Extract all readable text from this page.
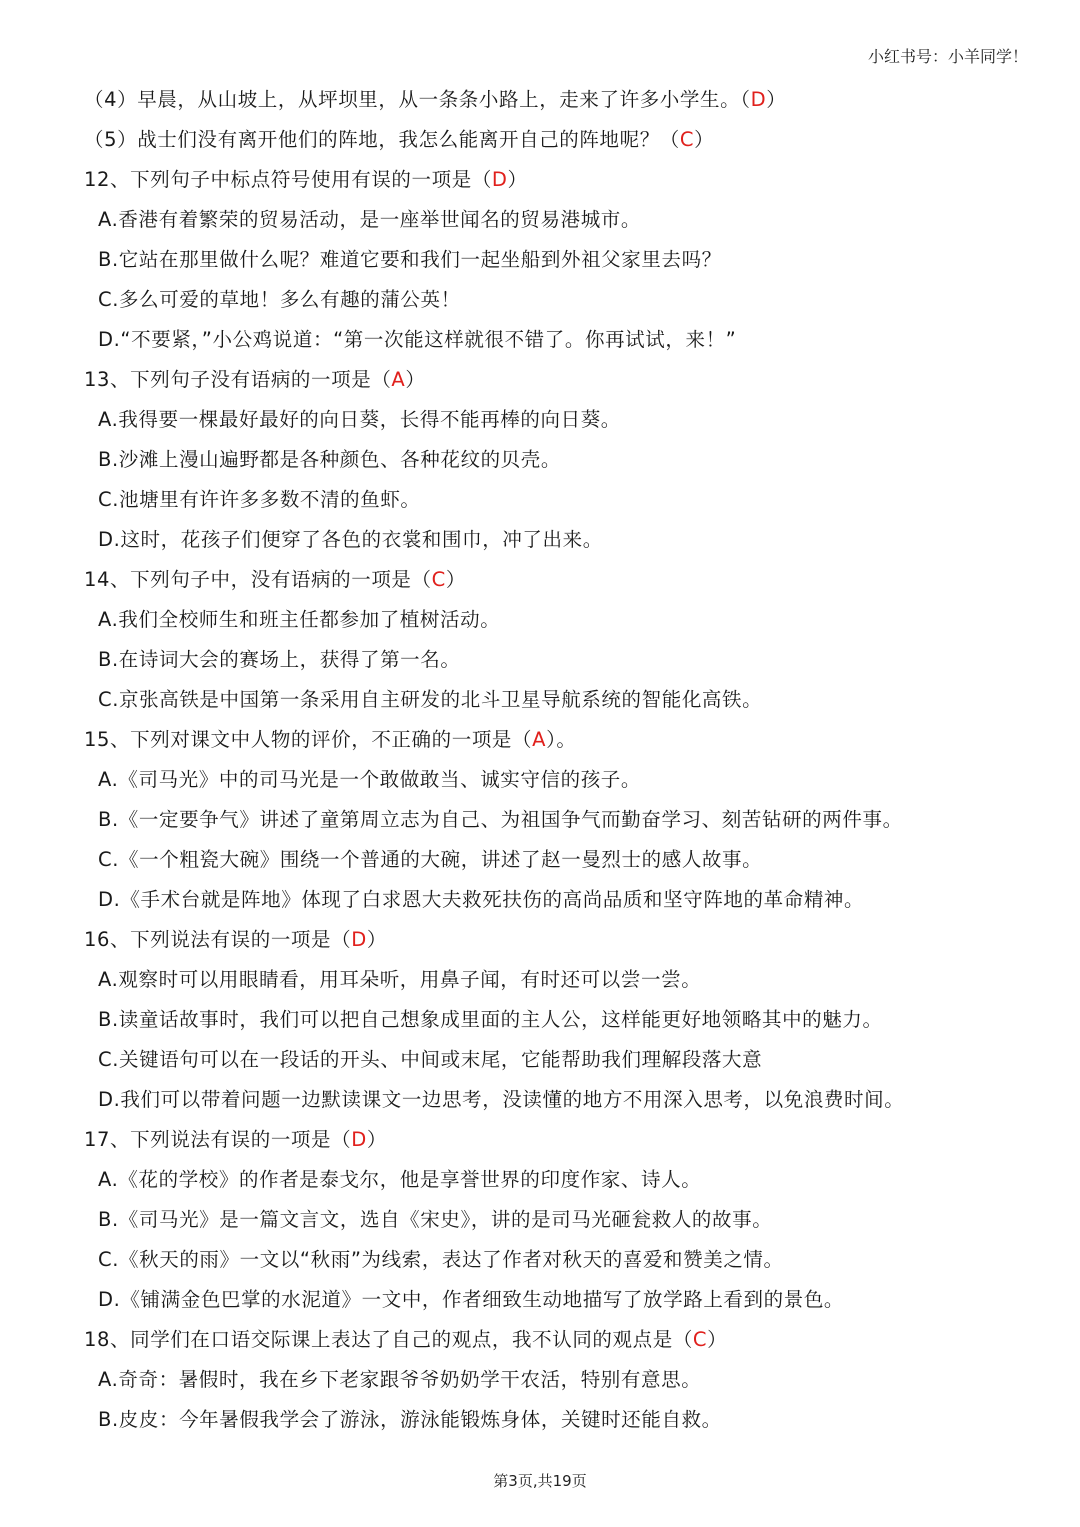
小红书号：小羊同学！
（4）早晨，从山坡上，从坪坝里，从一条条小路上，走来了许多小学生。（D）
（5）战士们没有离开他们的阵地，我怎么能离开自己的阵地呢？（C）
12、下列句子中标点符号使用有误的一项是（D）
A.香港有着繁荣的贸易活动，是一座举世闻名的贸易港城市。
B.它站在那里做什么呢？难道它要和我们一起坐船到外祖父家里去吗？
C.多么可爱的草地！多么有趣的蒲公英！
D.“不要紧，”小公鸡说道：“第一次能这样就很不错了。你再试试，来！”
13、下列句子没有语病的一项是（A）
A.我得要一棵最好最好的向日葵，长得不能再棒的向日葵。
B.沙滩上漫山遍野都是各种颜色、各种花纹的贝壳。
C.池塘里有许许多多数不清的鱼虾。
D.这时，花孩子们便穿了各色的衣裳和围巾，冲了出来。
14、下列句子中，没有语病的一项是（C）
A.我们全校师生和班主任都参加了植树活动。
B.在诗词大会的赛场上，获得了第一名。
C.京张高铁是中国第一条采用自主研发的北斗卫星导航系统的智能化高铁。
15、下列对课文中人物的评价，不正确的一项是（A）。
A.《司马光》中的司马光是一个敢做敢当、诚实守信的孩子。
B.《一定要争气》讲述了童第周立志为自己、为祖国争气而勤奋学习、刻苦钻研的两件事。
C.《一个粗瓷大碗》围绕一个普通的大碗，讲述了赵一曼烈士的感人故事。
D.《手术台就是阵地》体现了白求恩大夫救死扶伤的高尚品质和坚守阵地的革命精神。
16、下列说法有误的一项是（D）
A.观察时可以用眼睛看，用耳朵听，用鼻子闻，有时还可以尝一尝。
B.读童话故事时，我们可以把自己想象成里面的主人公，这样能更好地领略其中的魅力。
C.关键语句可以在一段话的开头、中间或末尾，它能帮助我们理解段落大意
D.我们可以带着问题一边默读课文一边思考，没读懂的地方不用深入思考，以免浪费时间。
17、下列说法有误的一项是（D）
A.《花的学校》的作者是泰戈尔，他是享誉世界的印度作家、诗人。
B.《司马光》是一篇文言文，选自《宋史》，讲的是司马光砸瓮救人的故事。
C.《秋天的雨》一文以“秋雨”为线索，表达了作者对秋天的喜爱和赞美之情。
D.《铺满金色巴掌的水泥道》一文中，作者细致生动地描写了放学路上看到的景色。
18、同学们在口语交际课上表达了自己的观点，我不认同的观点是（C）
A.奇奇：暑假时，我在乡下老家跟爷爷奶奶学干农活，特别有意思。
B.皮皮：今年暑假我学会了游泳，游泳能锻炼身体，关键时还能自救。
第3页,共19页
